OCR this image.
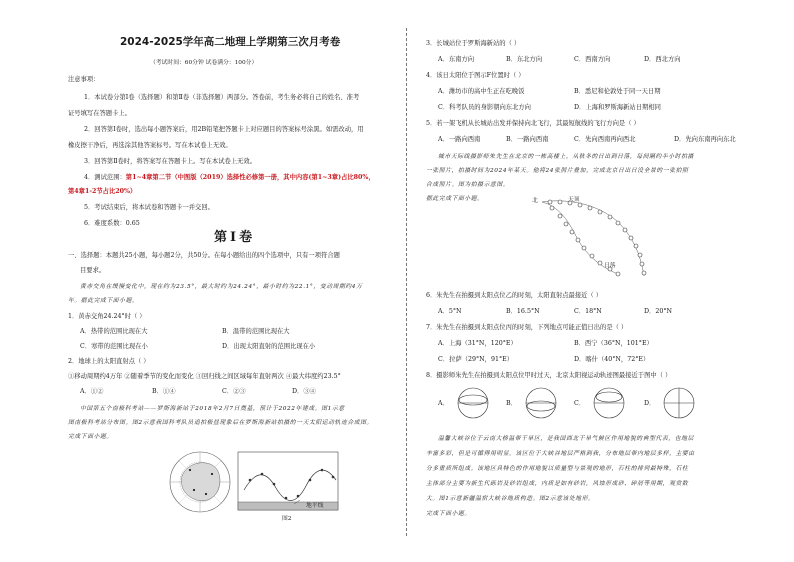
2024-2025学年高二地理上学期第三次月考卷
（考试时间：60分钟 试卷满分：100分）
注意事项：
1．本试卷分第Ⅰ卷（选择题）和第Ⅱ卷（非选择题）两部分。答卷前，考生务必将自己的姓名、准考
证号填写在答题卡上。
2．回答第Ⅰ卷时，选出每小题答案后，用2B铅笔把答题卡上对应题目的答案标号涂黑。如需改动，用
橡皮擦干净后，再选涂其他答案标号。写在本试卷上无效。
3．回答第Ⅱ卷时，将答案写在答题卡上。写在本试卷上无效。
4．测试范围：第1~4章第二节（中图版（2019）选择性必修第一册，其中内容(第1~3章)占比80%，
第4章1-2节占比20%）
5．考试结束后，将本试卷和答题卡一并交回。
6．难度系数：0.65
第Ⅰ卷
一、选择题：本题共25小题，每小题2分，共50分。在每小题给出的四个选项中，只有一项符合题
目要求。
黄赤交角在缓慢变化中，现在约为23.5°，最大时约为24.24°，最小时约为22.1°，变动周期约4万
年。据此完成下面小题。
1．黄赤交角24.24°时（ ）
A．热带的范围比现在大	B．温带的范围比现在大
C．寒带的范围比现在小	D．出现太阳直射的范围比现在小
2．地球上的太阳直射点（ ）
①移动周期约4万年 ②随着季节的变化而变化 ③回归线之间区域每年直射两次 ④最大纬度约23.5°
A．①②	B．①④	C．②③	D．③④
中国第五个南极科考站——罗斯海新站于2018年2月7日奠基，预计于2022年建成。图1示意
图南极科考站分布图。图2示意我国科考队员追拍极昼现象后在罗斯海新站拍摄的一天太阳运动轨迹合成图。
完成下面小题。
地平线
图2
3．长城站位于罗斯海新站的（ ）
A．东南方向	B．东北方向	C．西南方向	D．西北方向
4．该日太阳位于图示F位置时（ ）
A．潍坊市的高中生正在吃晚饭	B．悉尼和伦敦处于同一天日期
C．科考队员的身影朝向东北方向	D．上海和罗斯海新站日期相同
5．若一架飞机从长城站出发并保持向北飞行，其最短航线的飞行方向是（ ）
A．一路向西南	B．一路向西南	C．先向西南再向西北	D．先向东南再向东北
城市天际线摄影师朱先生在北京的一栋高楼上，从秋冬的日出到日落，每间隔约半小时拍摄
一张照片，拍摄时间为2024年某天。他将24张照片叠加，完成北京日出日没全景的一张拍照
合成照片。图为拍摄示意图。
据此完成下面小题。	北	天顶
日落
6．朱先生在拍摄到太阳点位乙的时刻，太阳直射点最接近（ ）
A．5°N	B．16.5°N	C．18°N	D．20°N
7．朱先生在拍摄到太阳点位丙的时刻，下列地点可能正值日出的是（ ）
A．上海（31°N，120°E）	B．西宁（36°N，101°E）
C．拉萨（29°N，91°E）	D．喀什（40°N，72°E）
8．摄影师朱先生在拍摄到太阳点位甲时过天，北京太阳视运动轨迹图最接近于图中（ ）
A．	B．	C．	D．
温馨大峡谷位于云南大格温带干旱区，是我国西北干旱气候区作用地貌的典型代表，也地层
丰富多彩，但是可循得用明显。该区位于大峡谷地层严格到我，分布地层带内地层多样，主要由
分多重质所组成。该地区具特色的作用地貌以质量型与景观的地形，石柱的排列最特殊，石柱
主体部分主要为新生代砾岩及砂岩组成，内质是如有砂岩，风蚀形成砂、碎屑等用期，观赏数
大。图1示意新疆温宿大峡谷地质构造。图2示意该处地形。
完成下面小题。
